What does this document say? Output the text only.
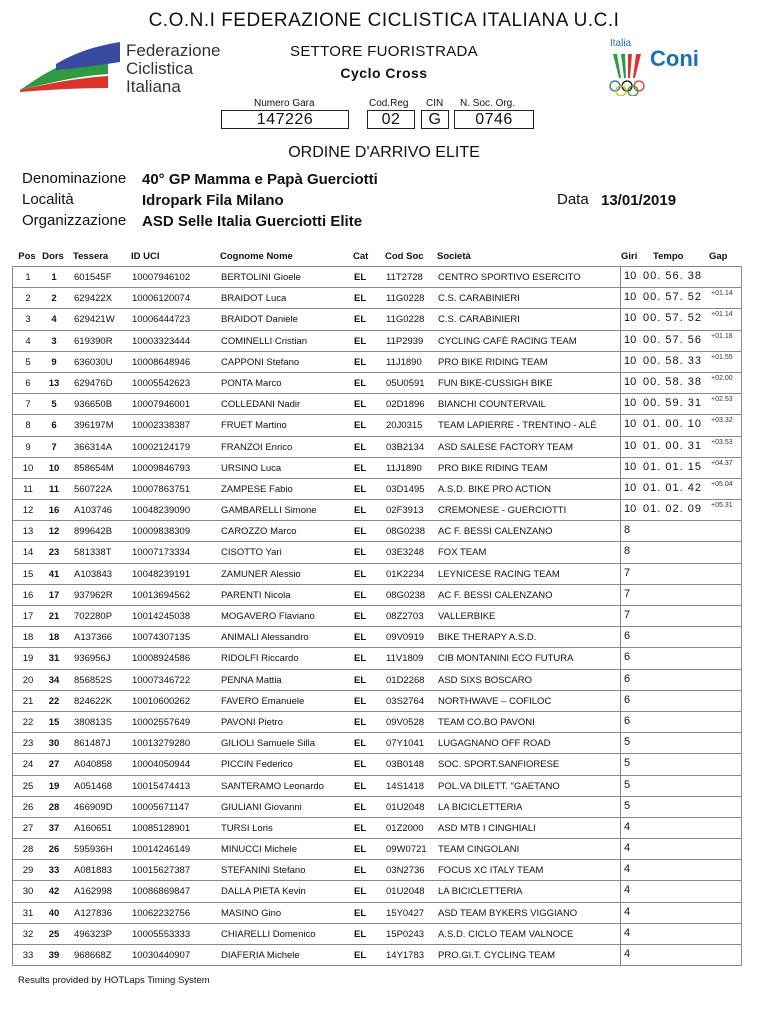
C.O.N.I FEDERAZIONE CICLISTICA ITALIANA U.C.I
Federazione
Ciclistica
Italiana
SETTORE FUORISTRADA
Cyclo Cross
Italia
Coni
Numero Gara	Cod.Reg CIN N. Soc. Org.
147226	02	G	0746
ORDINE D'ARRIVO ELITE
Denominazione 40° GP Mamma e Papà Guerciotti
Località	Idropark Fila Milano	Data 13/01/2019
Organizzazione ASD Selle Italia Guerciotti Elite
Pos Dors Tessera ID UCI	Cognome Nome	Cat Cod Soc Società	Giri Tempo	Gap
1	1	601545F 10007946102	BERTOLINI Gioele	EL 11T2728 CENTRO SPORTIVO ESERCITO	10 00. 56. 38
2	2	629422X 10006120074	BRAIDOT Luca	EL 11G0228 C.S. CARABINIERI	10 00. 57. 52 +01.14
3	4	629421W 10006444723	BRAIDOT Daniele	EL 11G0228 C.S. CARABINIERI	10 00. 57. 52 +01.14
4	3	619390R 10003323444	COMINELLI Cristian	EL 11P2939 CYCLING CAFÈ RACING TEAM	10 00. 57. 56 +01.18
5	9	636030U 10008648946	CAPPONI Stefano	EL 11J1890 PRO BIKE RIDING TEAM	10 00. 58. 33 +01.55
6	13	629476D 10005542623	PONTA Marco	EL 05U0591 FUN BIKE-CUSSIGH BIKE	10 00. 58. 38 +02.00
7	5	936650B 10007946001	COLLEDANI Nadir	EL 02D1896 BIANCHI COUNTERVAIL	10 00. 59. 31 +02.53
8	6	396197M 10002338387	FRUET Martino	EL 20J0315 TEAM LAPIERRE - TRENTINO - ALÈ 10 01. 00. 10 +03.32
9	7	366314A 10002124179	FRANZOI Enrico	EL 03B2134 ASD SALESE FACTORY TEAM	10 01. 00. 31 +03.53
10	10	858654M 10009846793	URSINO Luca	EL 11J1890 PRO BIKE RIDING TEAM	10 01. 01. 15 +04.37
11	11	560722A 10007863751	ZAMPESE Fabio	EL 03D1495 A.S.D. BIKE PRO ACTION	10 01. 01. 42 +05.04
12	16	A103746 10048239090	GAMBARELLI Simone	EL 02F3913 CREMONESE - GUERCIOTTI	10 01. 02. 09 +05.31
13	12	899642B 10009838309	CAROZZO Marco	EL 08G0238 AC F. BESSI CALENZANO	8
14	23	581338T 10007173334	CISOTTO Yari	EL 03E3248 FOX TEAM	8
15	41	A103843 10048239191	ZAMUNER Alessio	EL 01K2234 LEYNICESE RACING TEAM	7
16	17	937962R 10013694562	PARENTI Nicola	EL 08G0238 AC F. BESSI CALENZANO	7
17	21	702280P 10014245038	MOGAVERO Flaviano	EL 08Z2703 VALLERBIKE	7
18	18	A137366 10074307135	ANIMALI Alessandro	EL 09V0919 BIKE THERAPY A.S.D.	6
19	31	936956J 10008924586	RIDOLFI Riccardo	EL 11V1809 CIB MONTANINI ECO FUTURA	6
20	34	856852S 10007346722	PENNA Mattia	EL 01D2268 ASD SIXS BOSCARO	6
21	22	824622K 10010600262	FAVERO Emanuele	EL 03S2764 NORTHWAVE – COFILOC	6
22	15	380813S 10002557649	PAVONI Pietro	EL 09V0528 TEAM CO.BO PAVONI	6
23	30	861487J 10013279280	GILIOLI Samuele Silla	EL 07Y1041 LUGAGNANO OFF ROAD	5
24	27	A040858 10004050944	PICCIN Federico	EL 03B0148 SOC. SPORT.SANFIORESE	5
25	19	A051468 10015474413	SANTERAMO Leonardo	EL 14S1418 POL.VA DILETT. "GAETANO	5
26	28	466909D 10005671147	GIULIANI Giovanni	EL 01U2048 LA BICICLETTERIA	5
27	37	A160651 10085128901	TURSI Loris	EL 01Z2000 ASD MTB I CINGHIALI	4
28	26	595936H 10014246149	MINUCCI Michele	EL 09W0721 TEAM CINGOLANI	4
29	33	A081883 10015627387	STEFANINI Stefano	EL 03N2736 FOCUS XC ITALY TEAM	4
30	42	A162998 10086869847	DALLA PIETA Kevin	EL 01U2048 LA BICICLETTERIA	4
31	40	A127836 10062232756	MASINO Gino	EL 15Y0427 ASD TEAM BYKERS VIGGIANO	4
32	25	496323P 10005553333	CHIARELLI Domenico	EL 15P0243 A.S.D. CICLO TEAM VALNOCE	4
33	39	968668Z 10030440907	DIAFERIA Michele	EL 14Y1783 PRO.GI.T. CYCLING TEAM	4
Results provided by HOTLaps Timing System
